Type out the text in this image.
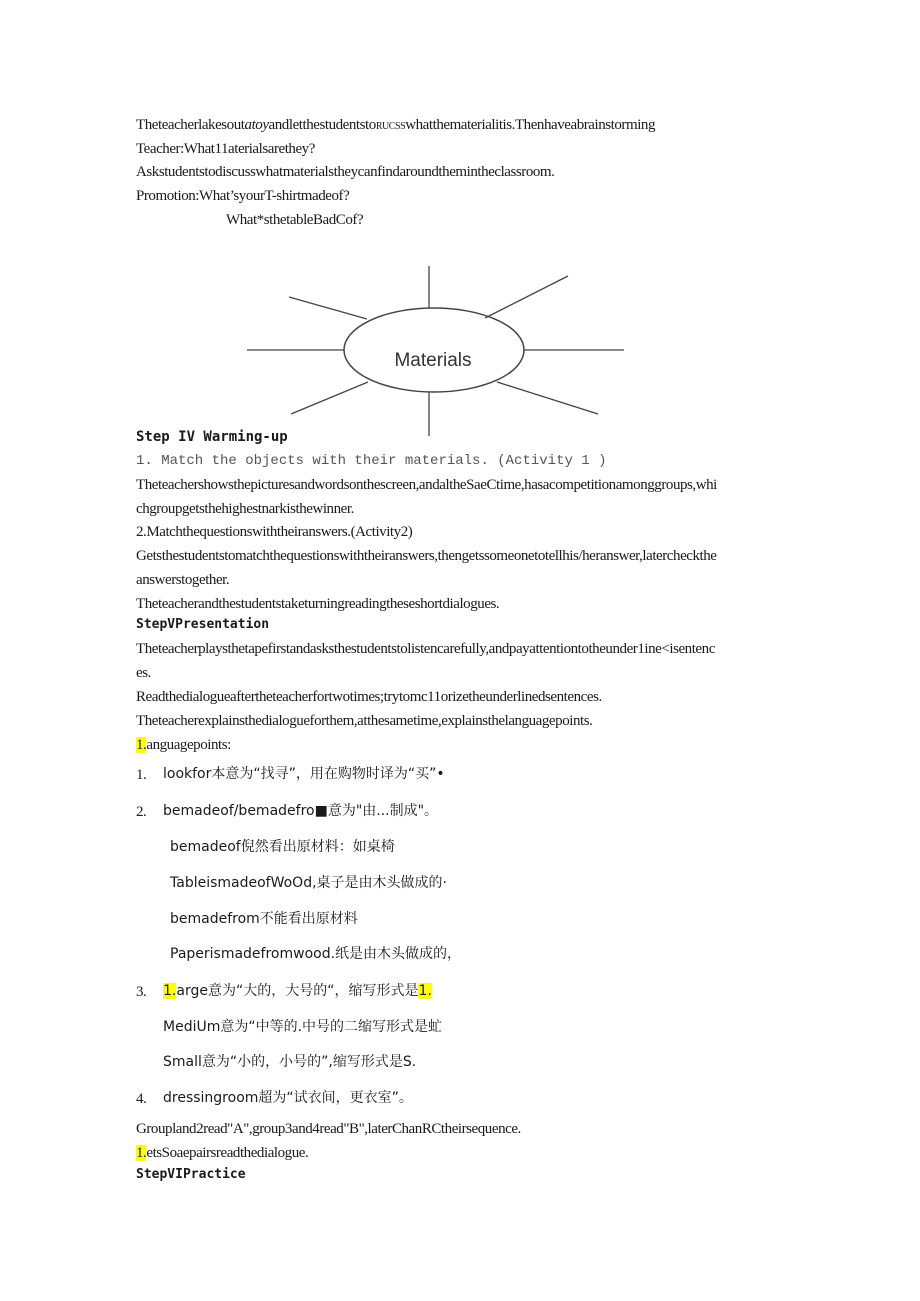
TheteacherlakesoutatoyandletthestudentstoRUCSSwhatthematerialitis.Thenhaveabrainstorming
Teacher:What11aterialsarethey?
Askstudentstodiscusswhatmaterialstheycanfindaroundthemintheclassroom.
Promotion:What’syourT-shirtmadeof?
What*sthetableBadCof?
Materials
Step IV Warming-up
1. Match the objects with their materials. (Activity 1 )
Theteachershowsthepicturesandwordsonthescreen,andaltheSaeCtime,hasacompetitionamonggroups,whi
chgroupgetsthehighestnarkisthewinner.
2.Matchthequestionswiththeiranswers.(Activity2)
Getsthestudentstomatchthequestionswiththeiranswers,thengetssomeonetotellhis/heranswer,latercheckthe
answerstogether.
Theteacherandthestudentstaketurningreadingtheseshortdialogues.
StepVPresentation
Theteacherplaysthetapefirstandasksthestudentstolistencarefully,andpayattentiontotheunder1ine<isentenc
es.
Readthedialogueaftertheteacherfortwotimes;trytomc11orizetheunderlinedsentences.
Theteacherexplainsthedialogueforthem,atthesametime,explainsthelanguagepoints.
1.anguagepoints:
1. lookfor本意为“找寻”，用在购物时译为“买”•
2. bemadeof/bemadefro■意为"由...制成"。
bemadeof倪然看出原材料：如桌椅
TableismadeofWoOd,桌子是由木头做成的·
bemadefrom不能看出原材料
Paperismadefromwood.纸是由木头做成的，
3. 1.arge意为“大的，大号的“，缩写形式是1.
MediUm意为“中等的.中号的二缩写形式是虻
Small意为“小的，小号的”,缩写形式是S.
4. dressingroom超为“试衣间，更衣室”。
Groupland2read"A",group3and4read"B",laterChanRCtheirsequence.
1.etsSoaepairsreadthedialogue.
StepVIPractice
